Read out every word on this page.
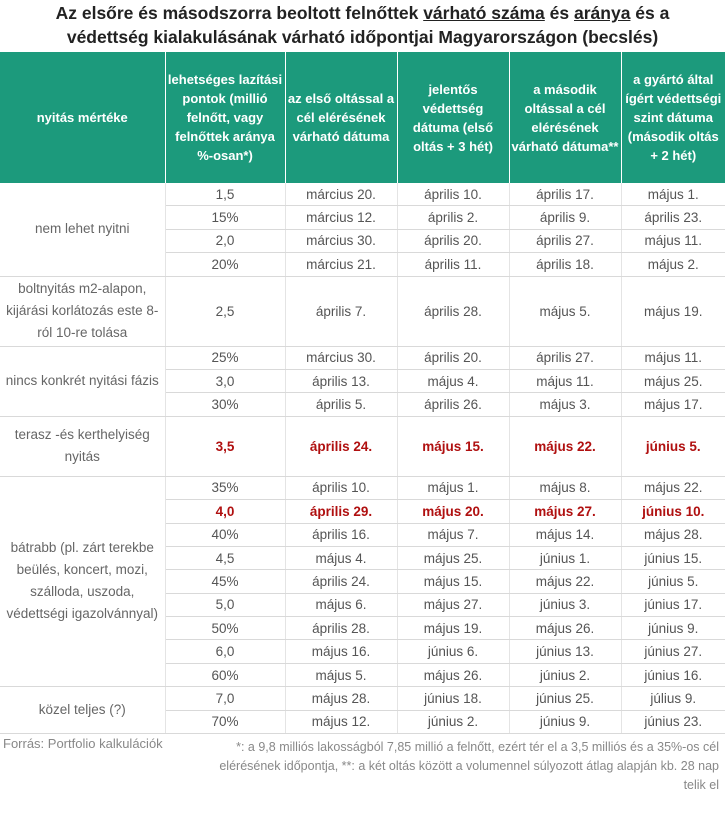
Az elsőre és másodszorra beoltott felnőttek várható száma és aránya és a
védettség kialakulásának várható időpontjai Magyarországon (becslés)
nyitás mértéke	lehetséges lazítási pontok (millió felnőtt, vagy felnőttek aránya %-osan*)	az első oltással a cél elérésének várható dátuma	jelentős védettség dátuma (első oltás + 3 hét)	a második oltással a cél elérésének várható dátuma**	a gyártó által ígért védettségi szint dátuma (második oltás + 2 hét)
nem lehet nyitni	1,5	március 20.	április 10.	április 17.	május 1.
	15%	március 12.	április 2.	április 9.	április 23.
	2,0	március 30.	április 20.	április 27.	május 11.
	20%	március 21.	április 11.	április 18.	május 2.
boltnyitás m2-alapon, kijárási korlátozás este 8-ról 10-re tolása	2,5	április 7.	április 28.	május 5.	május 19.
nincs konkrét nyitási fázis	25%	március 30.	április 20.	április 27.	május 11.
	3,0	április 13.	május 4.	május 11.	május 25.
	30%	április 5.	április 26.	május 3.	május 17.
terasz -és kerthelyiség nyitás	3,5	április 24.	május 15.	május 22.	június 5.
bátrabb (pl. zárt terekbe beülés, koncert, mozi, szálloda, uszoda, védettségi igazolvánnyal)	35%	április 10.	május 1.	május 8.	május 22.
	4,0	április 29.	május 20.	május 27.	június 10.
	40%	április 16.	május 7.	május 14.	május 28.
	4,5	május 4.	május 25.	június 1.	június 15.
	45%	április 24.	május 15.	május 22.	június 5.
	5,0	május 6.	május 27.	június 3.	június 17.
	50%	április 28.	május 19.	május 26.	június 9.
	6,0	május 16.	június 6.	június 13.	június 27.
	60%	május 5.	május 26.	június 2.	június 16.
közel teljes (?)	7,0	május 28.	június 18.	június 25.	július 9.
	70%	május 12.	június 2.	június 9.	június 23.
Forrás: Portfolio kalkulációk	*: a 9,8 milliós lakosságból 7,85 millió a felnőtt, ezért tér el a 3,5 milliós és a 35%-os cél elérésének időpontja, **: a két oltás között a volumennel súlyozott átlag alapján kb. 28 nap telik el
